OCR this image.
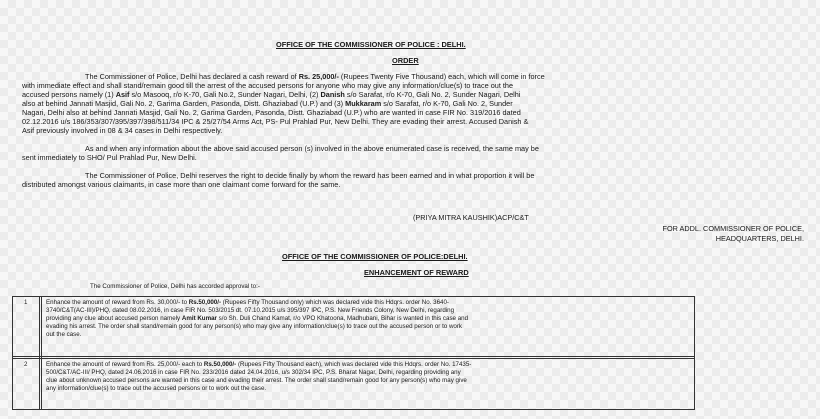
OFFICE OF THE COMMISSIONER OF POLICE : DELHI.
ORDER
The Commissioner of Police, Delhi has declared a cash reward of Rs. 25,000/- (Rupees Twenty Five Thousand) each, which will come in force
with immediate effect and shall stand/remain good till the arrest of the accused persons for anyone who may give any information/clue(s) to trace out the
accused persons namely (1) Asif s/o Masooq, r/o K-70, Gali No.2, Sunder Nagari, Delhi, (2) Danish s/o Sarafat, r/o K-70, Gali No. 2, Sunder Nagari, Delhi
also at behind Jannati Masjid, Gali No. 2, Garima Garden, Pasonda, Distt. Ghaziabad (U.P.) and (3) Mukkaram s/o Sarafat, r/o K-70, Gali No. 2, Sunder
Nagari, Delhi also at behind Jannati Masjid, Gali No. 2, Garima Garden, Pasonda, Distt. Ghaziabad (U.P.) who are wanted in case FIR No. 319/2016 dated
02.12.2016 u/s 186/353/307/395/397/398/511/34 IPC & 25/27/54 Arms Act, PS- Pul Prahlad Pur, New Delhi. They are evading their arrest. Accused Danish &
Asif previously involved in 08 & 34 cases in Delhi respectively.
As and when any information about the above said accused person (s) involved in the above enumerated case is received, the same may be
sent immediately to SHO/ Pul Prahlad Pur, New Delhi.
The Commissioner of Police, Delhi reserves the right to decide finally by whom the reward has been earned and in what proportion it will be
distributed amongst various claimants, in case more than one claimant come forward for the same.
(PRIYA MITRA KAUSHIK)ACP/C&T
FOR ADDL. COMMISSIONER OF POLICE,
HEADQUARTERS, DELHI.
OFFICE OF THE COMMISSIONER OF POLICE:DELHI.
ENHANCEMENT OF REWARD
The Commissioner of Police, Delhi has accorded approval to:-
1	Enhance the amount of reward from Rs. 30,000/- to Rs.50,000/- (Rupees Fifty Thousand only) which was declared vide this Hdqrs. order No. 3640-
3740/C&T(AC-III)/PHQ, dated 08.02.2016, in case FIR No. 503/2015 dt. 07.10.2015 u/s 395/397 IPC, P.S. New Friends Colony, New Delhi, regarding
providing any clue about accused person namely Amit Kumar s/o Sh. Duli Chand Kamat, r/o VPO Khatoona, Madhubani, Bihar is wanted in this case and
evading his arrest. The order shall stand/remain good for any person(s) who may give any information/clue(s) to trace out the accused person or to work
out the case.
2	Enhance the amount of reward from Rs. 25,000/- each to Rs.50,000/- (Rupees Fifty Thousand each), which was declared vide this Hdqrs. order No. 17435-
500/C&T/AC-III/ PHQ, dated 24.06.2016 in case FIR No. 233/2016 dated 24.04.2016, u/s 302/34 IPC, P.S. Bharat Nagar, Delhi, regarding providing any
clue about unknown accused persons are wanted in this case and evading their arrest. The order shall stand/remain good for any person(s) who may give
any information/clue(s) to trace out the accused persons or to work out the case.
